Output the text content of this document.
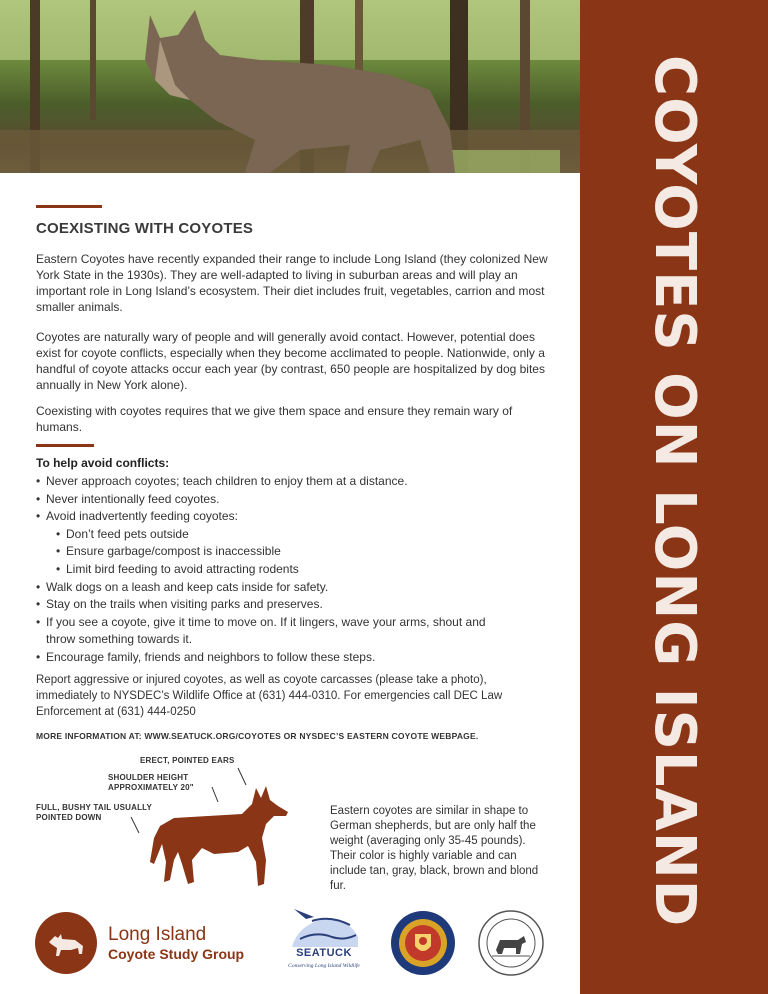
COYOTES ON LONG ISLAND
COEXISTING WITH COYOTES

Eastern Coyotes have recently expanded their range to include Long Island (they colonized New York State in the 1930s). They are well-adapted to living in suburban areas and will play an important role in Long Island’s ecosystem. Their diet includes fruit, vegetables, carrion and most smaller animals.

Coyotes are naturally wary of people and will generally avoid contact. However, potential does exist for coyote conflicts, especially when they become acclimated to people. Nationwide, only a handful of coyote attacks occur each year (by contrast, 650 people are hospitalized by dog bites annually in New York alone).

Coexisting with coyotes requires that we give them space and ensure they remain wary of humans.

To help avoid conflicts:
• Never approach coyotes; teach children to enjoy them at a distance.
• Never intentionally feed coyotes.
• Avoid inadvertently feeding coyotes:
• Don’t feed pets outside
• Ensure garbage/compost is inaccessible
• Limit bird feeding to avoid attracting rodents
• Walk dogs on a leash and keep cats inside for safety.
• Stay on the trails when visiting parks and preserves.
• If you see a coyote, give it time to move on. If it lingers, wave your arms, shout and throw something towards it.
• Encourage family, friends and neighbors to follow these steps.

Report aggressive or injured coyotes, as well as coyote carcasses (please take a photo), immediately to NYSDEC’s Wildlife Office at (631) 444-0310. For emergencies call DEC Law Enforcement at (631) 444-0250

MORE INFORMATION AT: WWW.SEATUCK.ORG/COYOTES OR NYSDEC’S EASTERN COYOTE WEBPAGE.
ERECT, POINTED EARS
SHOULDER HEIGHT APPROXIMATELY 20"
FULL, BUSHY TAIL USUALLY POINTED DOWN

Eastern coyotes are similar in shape to German shepherds, but are only half the weight (averaging only 35-45 pounds). Their color is highly variable and can include tan, gray, black, brown and blond fur.

Long Island
Coyote Study Group	SEATUCK
Conserving Long Island Wildlife
